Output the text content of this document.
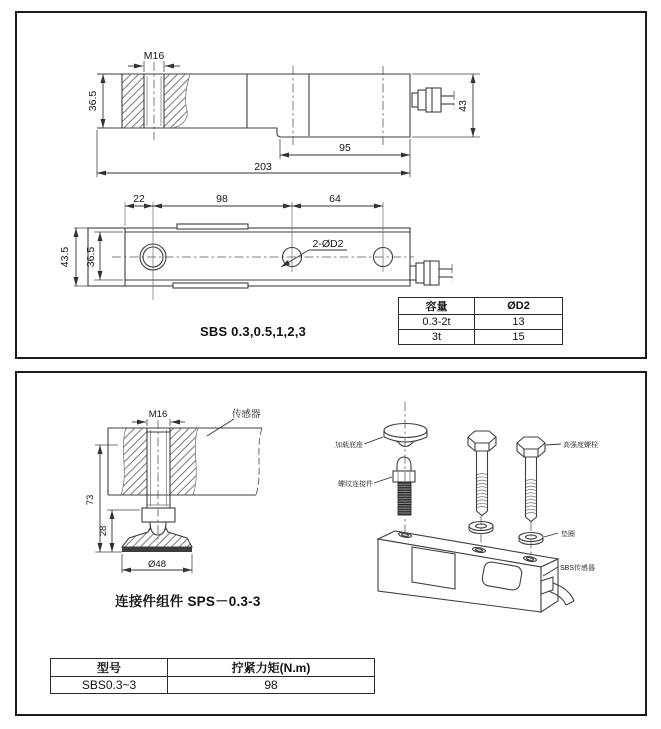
M16
36.5	43
95
203
22	98	64
43.5 36.5
2-ØD2
SBS 0.3,0.5,1,2,3
容量	ØD2
0.3-2t	13
3t	15
M16	传感器
73
28
Ø48
加载底座
螺纹连接件
高强度螺栓
垫圈
SBS传感器
连接件组件 SPS－0.3-3
型号	拧紧力矩(N.m)
SBS0.3~3	98
